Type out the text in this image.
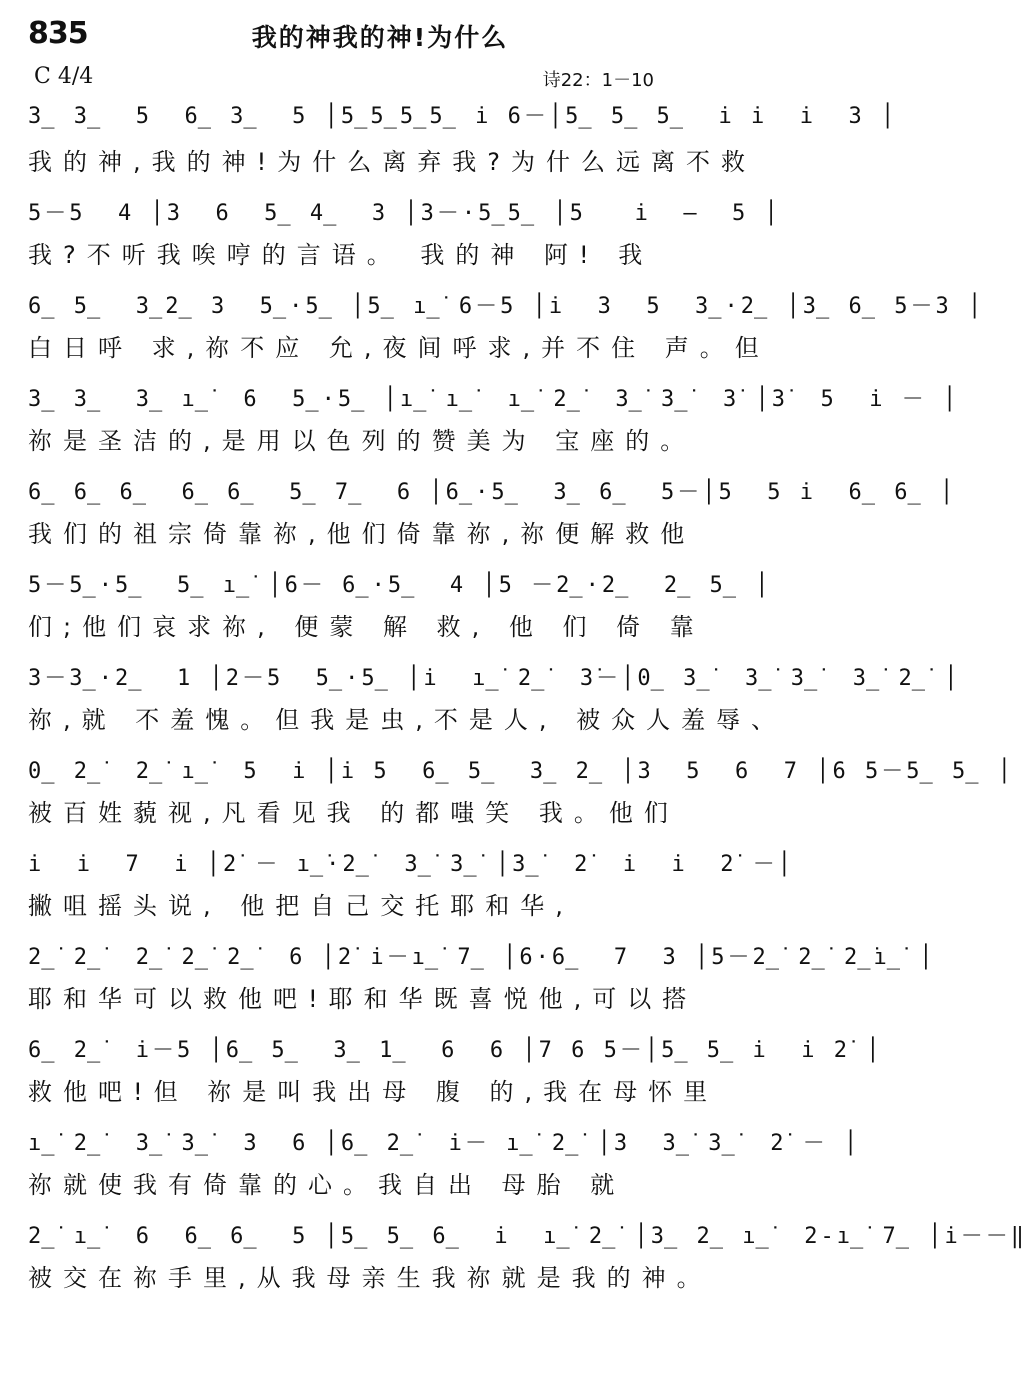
835	我的神我的神!为什么
C 4/4	诗22：1－10
3̲ 3̲  5  6̲ 3̲  5 │5̲5̲5̲5̲ i̇ 6－│5̲ 5̲ 5̲  i̇ i̇  i̇  3 │
我的神,我的神!为什么离弃我?为什么远离不救
5－5  4 │3  6  5̲ 4̲  3 │3－·5̲5̲ │5   i̇  —  5 │
我?不听我唉哼的言语。 我的神 阿! 我
6̲ 5̲  3̲2̲ 3  5̲·5̲ │5̲ i̲̇ 6－5 │i̇  3  5  3̲·2̲ │3̲ 6̲ 5－3 │
白日呼 求,祢不应 允,夜间呼求,并不住 声。但
3̲ 3̲  3̲ i̲̇  6  5̲·5̲ │i̲̇ i̲̇  i̲̇ 2̲̇  3̲̇ 3̲̇  3̇ │3̇  5  i̇ － │
祢是圣洁的,是用以色列的赞美为 宝座的。
6̲ 6̲ 6̲  6̲ 6̲  5̲ 7̲  6 │6̲·5̲  3̲ 6̲  5－│5  5 i̇  6̲ 6̲ │
我们的祖宗倚靠祢,他们倚靠祢,祢便解救他
5－5̲·5̲  5̲ i̲̇ │6－ 6̲·5̲  4 │5 －2̲·2̲  2̲ 5̲ │
们;他们哀求祢, 便蒙 解 救, 他 们 倚 靠
3－3̲·2̲  1 │2－5  5̲·5̲ │i̇  i̲̇ 2̲̇  3̇－│0̲ 3̲̇  3̲̇ 3̲̇  3̲̇ 2̲̇ │
祢,就 不羞愧。但我是虫,不是人, 被众人羞辱、
0̲ 2̲̇  2̲̇ i̲̇  5  i̇ │i̇ 5  6̲ 5̲  3̲ 2̲ │3  5  6  7 │6 5－5̲ 5̲ │
被百姓藐视,凡看见我 的都嗤笑 我。他们
i̇  i̇  7  i̇ │2̇ － i̲̇·2̲̇  3̲̇ 3̲̇ │3̲̇  2̇  i̇  i̇  2̇ －│
撇咀摇头说, 他把自己交托耶和华,
2̲̇ 2̲̇  2̲̇ 2̲̇ 2̲̇  6 │2̇ i̇－i̲̇ 7̲ │6·6̲  7  3 │5－2̲̇ 2̲̇ 2̲̇i̲̇ │
耶和华可以救他吧!耶和华既喜悦他,可以搭
6̲ 2̲̇  i̇－5 │6̲ 5̲  3̲ 1̲  6  6 │7 6 5－│5̲ 5̲ i̇  i̇ 2̇ │
救他吧!但 祢是叫我出母 腹 的,我在母怀里
i̲̇ 2̲̇  3̲̇ 3̲̇  3  6 │6̲ 2̲̇  i̇－ i̲̇ 2̲̇ │3  3̲̇ 3̲̇  2̇ － │
祢就使我有倚靠的心。我自出 母胎 就
2̲̇ i̲̇  6  6̲ 6̲  5 │5̲ 5̲ 6̲  i̇  i̲̇ 2̲̇ │3̲ 2̲ i̲̇  2-i̲̇ 7̲ │i̇－－‖
被交在祢手里,从我母亲生我祢就是我的神。
